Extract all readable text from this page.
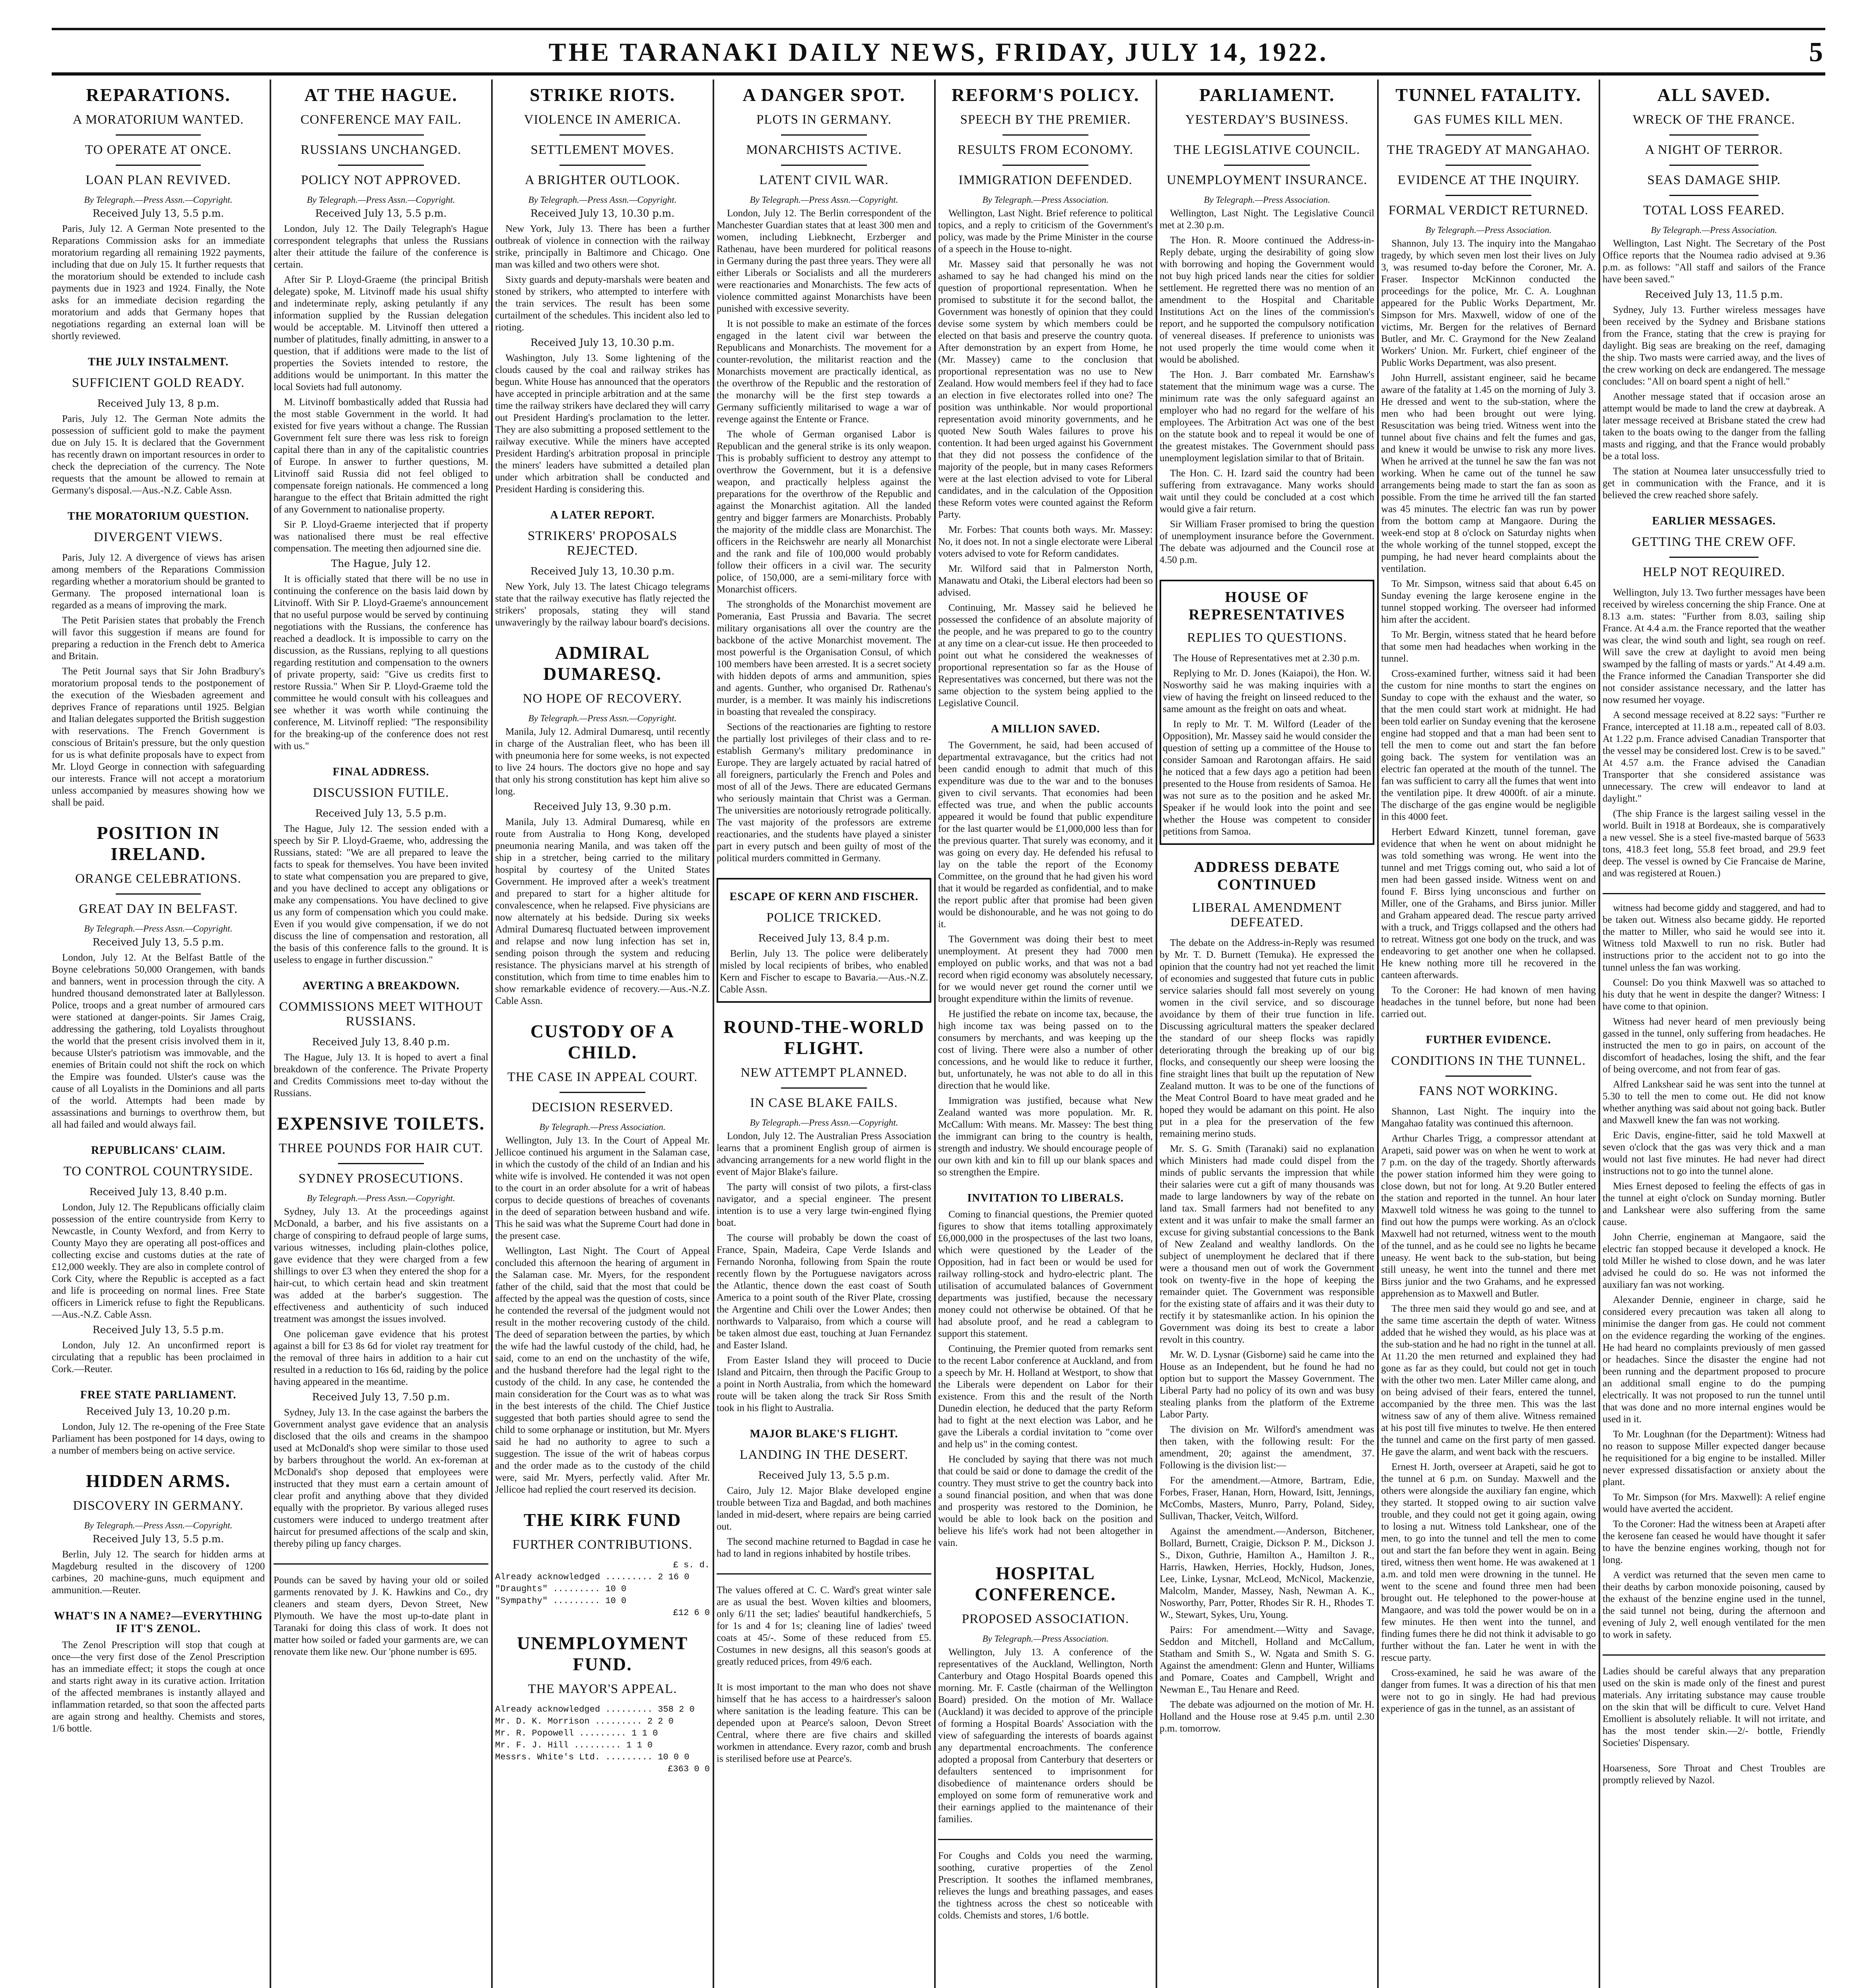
THE TARANAKI DAILY NEWS, FRIDAY, JULY 14, 1922.	5
REPARATIONS.
A MORATORIUM WANTED.
TO OPERATE AT ONCE.
LOAN PLAN REVIVED.
By Telegraph.—Press Assn.—Copyright.
Received July 13, 5.5 p.m.

Paris, July 12. A German Note presented to the Reparations Commission asks for an immediate moratorium regarding all remaining 1922 payments, including that due on July 15. It further requests that the moratorium should be extended to include cash payments due in 1923 and 1924. Finally, the Note asks for an immediate decision regarding the moratorium and adds that Germany hopes that negotiations regarding an external loan will be shortly reviewed.

THE JULY INSTALMENT.
SUFFICIENT GOLD READY.
Received July 13, 8 p.m.

Paris, July 12. The German Note admits the possession of sufficient gold to make the payment due on July 15. It is declared that the Government has recently drawn on important resources in order to check the depreciation of the currency. The Note requests that the amount be allowed to remain at Germany's disposal.—Aus.-N.Z. Cable Assn.

THE MORATORIUM QUESTION.
DIVERGENT VIEWS.

Paris, July 12. A divergence of views has arisen among members of the Reparations Commission regarding whether a moratorium should be granted to Germany. The proposed international loan is regarded as a means of improving the mark.

The Petit Parisien states that probably the French will favor this suggestion if means are found for preparing a reduction in the French debt to America and Britain.

The Petit Journal says that Sir John Bradbury's moratorium proposal tends to the postponement of the execution of the Wiesbaden agreement and deprives France of reparations until 1925. Belgian and Italian delegates supported the British suggestion with reservations. The French Government is conscious of Britain's pressure, but the only question for us is what definite proposals have to expect from Mr. Lloyd George in connection with safeguarding our interests. France will not accept a moratorium unless accompanied by measures showing how we shall be paid.

POSITION IN IRELAND.
ORANGE CELEBRATIONS.
GREAT DAY IN BELFAST.
By Telegraph.—Press Assn.—Copyright.
Received July 13, 5.5 p.m.

London, July 12. At the Belfast Battle of the Boyne celebrations 50,000 Orangemen, with bands and banners, went in procession through the city. A hundred thousand demonstrated later at Ballylesson. Police, troops and a great number of armoured cars were stationed at danger-points. Sir James Craig, addressing the gathering, told Loyalists throughout the world that the present crisis involved them in it, because Ulster's patriotism was immovable, and the enemies of Britain could not shift the rock on which the Empire was founded. Ulster's cause was the cause of all Loyalists in the Dominions and all parts of the world. Attempts had been made by assassinations and burnings to overthrow them, but all had failed and would always fail.

REPUBLICANS' CLAIM.
TO CONTROL COUNTRYSIDE.
Received July 13, 8.40 p.m.

London, July 12. The Republicans officially claim possession of the entire countryside from Kerry to Newcastle, in County Wexford, and from Kerry to County Mayo they are operating all post-offices and collecting excise and customs duties at the rate of £12,000 weekly. They are also in complete control of Cork City, where the Republic is accepted as a fact and life is proceeding on normal lines. Free State officers in Limerick refuse to fight the Republicans.—Aus.-N.Z. Cable Assn.

Received July 13, 5.5 p.m.

London, July 12. An unconfirmed report is circulating that a republic has been proclaimed in Cork.—Reuter.

FREE STATE PARLIAMENT.
Received July 13, 10.20 p.m.

London, July 12. The re-opening of the Free State Parliament has been postponed for 14 days, owing to a number of members being on active service.

HIDDEN ARMS.
DISCOVERY IN GERMANY.
By Telegraph.—Press Assn.—Copyright.
Received July 13, 5.5 p.m.

Berlin, July 12. The search for hidden arms at Magdeburg resulted in the discovery of 1200 carbines, 20 machine-guns, much equipment and ammunition.—Reuter.

WHAT'S IN A NAME?—EVERYTHING IF IT'S ZENOL.

The Zenol Prescription will stop that cough at once—the very first dose of the Zenol Prescription has an immediate effect; it stops the cough at once and starts right away in its curative action. Irritation of the affected membranes is instantly allayed and inflammation retarded, so that soon the affected parts are again strong and healthy. Chemists and stores, 1/6 bottle.

AT THE HAGUE.
CONFERENCE MAY FAIL.
RUSSIANS UNCHANGED.
POLICY NOT APPROVED.
By Telegraph.—Press Assn.—Copyright.
Received July 13, 5.5 p.m.

London, July 12. The Daily Telegraph's Hague correspondent telegraphs that unless the Russians alter their attitude the failure of the conference is certain.

After Sir P. Lloyd-Graeme (the principal British delegate) spoke, M. Litvinoff made his usual shifty and indeterminate reply, asking petulantly if any information supplied by the Russian delegation would be acceptable. M. Litvinoff then uttered a number of platitudes, finally admitting, in answer to a question, that if additions were made to the list of properties the Soviets intended to restore, the additions would be unimportant. In this matter the local Soviets had full autonomy.

M. Litvinoff bombastically added that Russia had the most stable Government in the world. It had existed for five years without a change. The Russian Government felt sure there was less risk to foreign capital there than in any of the capitalistic countries of Europe. In answer to further questions, M. Litvinoff said Russia did not feel obliged to compensate foreign nationals. He commenced a long harangue to the effect that Britain admitted the right of any Government to nationalise property.

Sir P. Lloyd-Graeme interjected that if property was nationalised there must be real effective compensation. The meeting then adjourned sine die.

The Hague, July 12.

It is officially stated that there will be no use in continuing the conference on the basis laid down by Litvinoff. With Sir P. Lloyd-Graeme's announcement that no useful purpose would be served by continuing negotiations with the Russians, the conference has reached a deadlock. It is impossible to carry on the discussion, as the Russians, replying to all questions regarding restitution and compensation to the owners of private property, said: "Give us credits first to restore Russia." When Sir P. Lloyd-Graeme told the committee he would consult with his colleagues and see whether it was worth while continuing the conference, M. Litvinoff replied: "The responsibility for the breaking-up of the conference does not rest with us."

FINAL ADDRESS.
DISCUSSION FUTILE.
Received July 13, 5.5 p.m.

The Hague, July 12. The session ended with a speech by Sir P. Lloyd-Graeme, who, addressing the Russians, stated: "We are all prepared to leave the facts to speak for themselves. You have been invited to state what compensation you are prepared to give, and you have declined to accept any obligations or make any compensations. You have declined to give us any form of compensation which you could make. Even if you would give compensation, if we do not discuss the line of compensation and restoration, all the basis of this conference falls to the ground. It is useless to engage in further discussion."

AVERTING A BREAKDOWN.
COMMISSIONS MEET WITHOUT RUSSIANS.
Received July 13, 8.40 p.m.

The Hague, July 13. It is hoped to avert a final breakdown of the conference. The Private Property and Credits Commissions meet to-day without the Russians.

EXPENSIVE TOILETS.
THREE POUNDS FOR HAIR CUT.
SYDNEY PROSECUTIONS.
By Telegraph.—Press Assn.—Copyright.

Sydney, July 13. At the proceedings against McDonald, a barber, and his five assistants on a charge of conspiring to defraud people of large sums, various witnesses, including plain-clothes police, gave evidence that they were charged from a few shillings to over £3 when they entered the shop for a hair-cut, to which certain head and skin treatment was added at the barber's suggestion. The effectiveness and authenticity of such induced treatment was amongst the issues involved.

One policeman gave evidence that his protest against a bill for £3 8s 6d for violet ray treatment for the removal of three hairs in addition to a hair cut resulted in a reduction to 16s 6d, raiding by the police having appeared in the meantime.

Received July 13, 7.50 p.m.

Sydney, July 13. In the case against the barbers the Government analyst gave evidence that an analysis disclosed that the oils and creams in the shampoo used at McDonald's shop were similar to those used by barbers throughout the world. An ex-foreman at McDonald's shop deposed that employees were instructed that they must earn a certain amount of clear profit and anything above that they divided equally with the proprietor. By various alleged ruses customers were induced to undergo treatment after haircut for presumed affections of the scalp and skin, thereby piling up fancy charges.

Pounds can be saved by having your old or soiled garments renovated by J. K. Hawkins and Co., dry cleaners and steam dyers, Devon Street, New Plymouth. We have the most up-to-date plant in Taranaki for doing this class of work. It does not matter how soiled or faded your garments are, we can renovate them like new. Our 'phone number is 695.

STRIKE RIOTS.
VIOLENCE IN AMERICA.
SETTLEMENT MOVES.
A BRIGHTER OUTLOOK.
By Telegraph.—Press Assn.—Copyright.
Received July 13, 10.30 p.m.

New York, July 13. There has been a further outbreak of violence in connection with the railway strike, principally in Baltimore and Chicago. One man was killed and two others were shot.

Sixty guards and deputy-marshals were beaten and stoned by strikers, who attempted to interfere with the train services. The result has been some curtailment of the schedules. This incident also led to rioting.

Received July 13, 10.30 p.m.

Washington, July 13. Some lightening of the clouds caused by the coal and railway strikes has begun. White House has announced that the operators have accepted in principle arbitration and at the same time the railway strikers have declared they will carry out President Harding's proclamation to the letter. They are also submitting a proposed settlement to the railway executive. While the miners have accepted President Harding's arbitration proposal in principle the miners' leaders have submitted a detailed plan under which arbitration shall be conducted and President Harding is considering this.

A LATER REPORT.
STRIKERS' PROPOSALS REJECTED.
Received July 13, 10.30 p.m.

New York, July 13. The latest Chicago telegrams state that the railway executive has flatly rejected the strikers' proposals, stating they will stand unwaveringly by the railway labour board's decisions.

ADMIRAL DUMARESQ.
NO HOPE OF RECOVERY.
By Telegraph.—Press Assn.—Copyright.

Manila, July 12. Admiral Dumaresq, until recently in charge of the Australian fleet, who has been ill with pneumonia here for some weeks, is not expected to live 24 hours. The doctors give no hope and say that only his strong constitution has kept him alive so long.

Received July 13, 9.30 p.m.

Manila, July 13. Admiral Dumaresq, while en route from Australia to Hong Kong, developed pneumonia nearing Manila, and was taken off the ship in a stretcher, being carried to the military hospital by courtesy of the United States Government. He improved after a week's treatment and prepared to start for a higher altitude for convalescence, when he relapsed. Five physicians are now alternately at his bedside. During six weeks Admiral Dumaresq fluctuated between improvement and relapse and now lung infection has set in, sending poison through the system and reducing resistance. The physicians marvel at his strength of constitution, which from time to time enables him to show remarkable evidence of recovery.—Aus.-N.Z. Cable Assn.

CUSTODY OF A CHILD.
THE CASE IN APPEAL COURT.
DECISION RESERVED.
By Telegraph.—Press Association.

Wellington, July 13. In the Court of Appeal Mr. Jellicoe continued his argument in the Salaman case, in which the custody of the child of an Indian and his white wife is involved. He contended it was not open to the court in an order absolute for a writ of habeas corpus to decide questions of breaches of covenants in the deed of separation between husband and wife. This he said was what the Supreme Court had done in the present case.

Wellington, Last Night. The Court of Appeal concluded this afternoon the hearing of argument in the Salaman case. Mr. Myers, for the respondent father of the child, said that the most that could be affected by the appeal was the question of costs, since he contended the reversal of the judgment would not result in the mother recovering custody of the child. The deed of separation between the parties, by which the wife had the lawful custody of the child, had, he said, come to an end on the unchastity of the wife, and the husband therefore had the legal right to the custody of the child. In any case, he contended the main consideration for the Court was as to what was in the best interests of the child. The Chief Justice suggested that both parties should agree to send the child to some orphanage or institution, but Mr. Myers said he had no authority to agree to such a suggestion. The issue of the writ of habeas corpus and the order made as to the custody of the child were, said Mr. Myers, perfectly valid. After Mr. Jellicoe had replied the court reserved its decision.

THE KIRK FUND
FURTHER CONTRIBUTIONS.
£ s. d.
Already acknowledged ......... 2 16 0
"Draughts" ......... 10 0
"Sympathy" ......... 10 0
£12 6 0
UNEMPLOYMENT FUND.
THE MAYOR'S APPEAL.
Already acknowledged ......... 358 2 0
Mr. D. K. Morrison ......... 2 2 0
Mr. R. Popowell ......... 1 1 0
Mr. F. J. Hill ......... 1 1 0
Messrs. White's Ltd. ......... 10 0 0
£363 0 0
A DANGER SPOT.
PLOTS IN GERMANY.
MONARCHISTS ACTIVE.
LATENT CIVIL WAR.
By Telegraph.—Press Assn.—Copyright.

London, July 12. The Berlin correspondent of the Manchester Guardian states that at least 300 men and women, including Liebknecht, Erzberger and Rathenau, have been murdered for political reasons in Germany during the past three years. They were all either Liberals or Socialists and all the murderers were reactionaries and Monarchists. The few acts of violence committed against Monarchists have been punished with excessive severity.

It is not possible to make an estimate of the forces engaged in the latent civil war between the Republicans and Monarchists. The movement for a counter-revolution, the militarist reaction and the Monarchists movement are practically identical, as the overthrow of the Republic and the restoration of the monarchy will be the first step towards a Germany sufficiently militarised to wage a war of revenge against the Entente or France.

The whole of German organised Labor is Republican and the general strike is its only weapon. This is probably sufficient to destroy any attempt to overthrow the Government, but it is a defensive weapon, and practically helpless against the preparations for the overthrow of the Republic and against the Monarchist agitation. All the landed gentry and bigger farmers are Monarchists. Probably the majority of the middle class are Monarchist. The officers in the Reichswehr are nearly all Monarchist and the rank and file of 100,000 would probably follow their officers in a civil war. The security police, of 150,000, are a semi-military force with Monarchist officers.

The strongholds of the Monarchist movement are Pomerania, East Prussia and Bavaria. The secret military organisations all over the country are the backbone of the active Monarchist movement. The most powerful is the Organisation Consul, of which 100 members have been arrested. It is a secret society with hidden depots of arms and ammunition, spies and agents. Gunther, who organised Dr. Rathenau's murder, is a member. It was mainly his indiscretions in boasting that revealed the conspiracy.

Sections of the reactionaries are fighting to restore the partially lost privileges of their class and to re-establish Germany's military predominance in Europe. They are largely actuated by racial hatred of all foreigners, particularly the French and Poles and most of all of the Jews. There are educated Germans who seriously maintain that Christ was a German. The universities are notoriously retrograde politically. The vast majority of the professors are extreme reactionaries, and the students have played a sinister part in every putsch and been guilty of most of the political murders committed in Germany.

ESCAPE OF KERN AND FISCHER.
POLICE TRICKED.
Received July 13, 8.4 p.m.

Berlin, July 13. The police were deliberately misled by local recipients of bribes, who enabled Kern and Fischer to escape to Bavaria.—Aus.-N.Z. Cable Assn.

ROUND-THE-WORLD FLIGHT.
NEW ATTEMPT PLANNED.
IN CASE BLAKE FAILS.
By Telegraph.—Press Assn.—Copyright.

London, July 12. The Australian Press Association learns that a prominent English group of airmen is advancing arrangements for a new world flight in the event of Major Blake's failure.

The party will consist of two pilots, a first-class navigator, and a special engineer. The present intention is to use a very large twin-engined flying boat.

The course will probably be down the coast of France, Spain, Madeira, Cape Verde Islands and Fernando Noronha, following from Spain the route recently flown by the Portuguese navigators across the Atlantic, thence down the east coast of South America to a point south of the River Plate, crossing the Argentine and Chili over the Lower Andes; then northwards to Valparaiso, from which a course will be taken almost due east, touching at Juan Fernandez and Easter Island.

From Easter Island they will proceed to Ducie Island and Pitcairn, then through the Pacific Group to a point in North Australia, from which the homeward route will be taken along the track Sir Ross Smith took in his flight to Australia.

MAJOR BLAKE'S FLIGHT.
LANDING IN THE DESERT.
Received July 13, 5.5 p.m.

Cairo, July 12. Major Blake developed engine trouble between Tiza and Bagdad, and both machines landed in mid-desert, where repairs are being carried out.

The second machine returned to Bagdad in case he had to land in regions inhabited by hostile tribes.

The values offered at C. C. Ward's great winter sale are as usual the best. Woven kilties and bloomers, only 6/11 the set; ladies' beautiful handkerchiefs, 5 for 1s and 4 for 1s; cleaning line of ladies' tweed coats at 45/-. Some of these reduced from £5. Costumes in new designs, all this season's goods at greatly reduced prices, from 49/6 each.

It is most important to the man who does not shave himself that he has access to a hairdresser's saloon where sanitation is the leading feature. This can be depended upon at Pearce's saloon, Devon Street Central, where there are five chairs and skilled workmen in attendance. Every razor, comb and brush is sterilised before use at Pearce's.

REFORM'S POLICY.
SPEECH BY THE PREMIER.
RESULTS FROM ECONOMY.
IMMIGRATION DEFENDED.
By Telegraph.—Press Association.

Wellington, Last Night. Brief reference to political topics, and a reply to criticism of the Government's policy, was made by the Prime Minister in the course of a speech in the House to-night.

Mr. Massey said that personally he was not ashamed to say he had changed his mind on the question of proportional representation. When he promised to substitute it for the second ballot, the Government was honestly of opinion that they could devise some system by which members could be elected on that basis and preserve the country quota. After demonstration by an expert from Home, he (Mr. Massey) came to the conclusion that proportional representation was no use to New Zealand. How would members feel if they had to face an election in five electorates rolled into one? The position was unthinkable. Nor would proportional representation avoid minority governments, and he quoted New South Wales failures to prove his contention. It had been urged against his Government that they did not possess the confidence of the majority of the people, but in many cases Reformers were at the last election advised to vote for Liberal candidates, and in the calculation of the Opposition these Reform votes were counted against the Reform Party.

Mr. Forbes: That counts both ways. Mr. Massey: No, it does not. In not a single electorate were Liberal voters advised to vote for Reform candidates.

Mr. Wilford said that in Palmerston North, Manawatu and Otaki, the Liberal electors had been so advised.

Continuing, Mr. Massey said he believed he possessed the confidence of an absolute majority of the people, and he was prepared to go to the country at any time on a clear-cut issue. He then proceeded to point out what he considered the weaknesses of proportional representation so far as the House of Representatives was concerned, but there was not the same objection to the system being applied to the Legislative Council.

A MILLION SAVED.

The Government, he said, had been accused of departmental extravagance, but the critics had not been candid enough to admit that much of this expenditure was due to the war and to the bonuses given to civil servants. That economies had been effected was true, and when the public accounts appeared it would be found that public expenditure for the last quarter would be £1,000,000 less than for the previous quarter. That surely was economy, and it was going on every day. He defended his refusal to lay on the table the report of the Economy Committee, on the ground that he had given his word that it would be regarded as confidential, and to make the report public after that promise had been given would be dishonourable, and he was not going to do it.

The Government was doing their best to meet unemployment. At present they had 7000 men employed on public works, and that was not a bad record when rigid economy was absolutely necessary, for we would never get round the corner until we brought expenditure within the limits of revenue.

He justified the rebate on income tax, because, the high income tax was being passed on to the consumers by merchants, and was keeping up the cost of living. There were also a number of other concessions, and he would like to reduce it further, but, unfortunately, he was not able to do all in this direction that he would like.

Immigration was justified, because what New Zealand wanted was more population. Mr. R. McCallum: With means. Mr. Massey: The best thing the immigrant can bring to the country is health, strength and industry. We should encourage people of our own kith and kin to fill up our blank spaces and so strengthen the Empire.

INVITATION TO LIBERALS.

Coming to financial questions, the Premier quoted figures to show that items totalling approximately £6,000,000 in the prospectuses of the last two loans, which were questioned by the Leader of the Opposition, had in fact been or would be used for railway rolling-stock and hydro-electric plant. The utilisation of accumulated balances of Government departments was justified, because the necessary money could not otherwise be obtained. Of that he had absolute proof, and he read a cablegram to support this statement.

Continuing, the Premier quoted from remarks sent to the recent Labor conference at Auckland, and from a speech by Mr. H. Holland at Westport, to show that the Liberals were dependent on Labor for their existence. From this and the result of the North Dunedin election, he deduced that the party Reform had to fight at the next election was Labor, and he gave the Liberals a cordial invitation to "come over and help us" in the coming contest.

He concluded by saying that there was not much that could be said or done to damage the credit of the country. They must strive to get the country back into a sound financial position, and when that was done and prosperity was restored to the Dominion, he would be able to look back on the position and believe his life's work had not been altogether in vain.

HOSPITAL CONFERENCE.
PROPOSED ASSOCIATION.
By Telegraph.—Press Association.

Wellington, July 13. A conference of the representatives of the Auckland, Wellington, North Canterbury and Otago Hospital Boards opened this morning. Mr. F. Castle (chairman of the Wellington Board) presided. On the motion of Mr. Wallace (Auckland) it was decided to approve of the principle of forming a Hospital Boards' Association with the view of safeguarding the interests of boards against any departmental encroachments. The conference adopted a proposal from Canterbury that deserters or defaulters sentenced to imprisonment for disobedience of maintenance orders should be employed on some form of remunerative work and their earnings applied to the maintenance of their families.

For Coughs and Colds you need the warming, soothing, curative properties of the Zenol Prescription. It soothes the inflamed membranes, relieves the lungs and breathing passages, and eases the tightness across the chest so noticeable with colds. Chemists and stores, 1/6 bottle.

PARLIAMENT.
YESTERDAY'S BUSINESS.
THE LEGISLATIVE COUNCIL.
UNEMPLOYMENT INSURANCE.
By Telegraph.—Press Association.

Wellington, Last Night. The Legislative Council met at 2.30 p.m.

The Hon. R. Moore continued the Address-in-Reply debate, urging the desirability of going slow with borrowing and hoping the Government would not buy high priced lands near the cities for soldier settlement. He regretted there was no mention of an amendment to the Hospital and Charitable Institutions Act on the lines of the commission's report, and he supported the compulsory notification of venereal diseases. If preference to unionists was not used properly the time would come when it would be abolished.

The Hon. J. Barr combated Mr. Earnshaw's statement that the minimum wage was a curse. The minimum rate was the only safeguard against an employer who had no regard for the welfare of his employees. The Arbitration Act was one of the best on the statute book and to repeal it would be one of the greatest mistakes. The Government should pass unemployment legislation similar to that of Britain.

The Hon. C. H. Izard said the country had been suffering from extravagance. Many works should wait until they could be concluded at a cost which would give a fair return.

Sir William Fraser promised to bring the question of unemployment insurance before the Government. The debate was adjourned and the Council rose at 4.50 p.m.

HOUSE OF REPRESENTATIVES
REPLIES TO QUESTIONS.

The House of Representatives met at 2.30 p.m.

Replying to Mr. D. Jones (Kaiapoi), the Hon. W. Nosworthy said he was making inquiries with a view of having the freight on linseed reduced to the same amount as the freight on oats and wheat.

In reply to Mr. T. M. Wilford (Leader of the Opposition), Mr. Massey said he would consider the question of setting up a committee of the House to consider Samoan and Rarotongan affairs. He said he noticed that a few days ago a petition had been presented to the House from residents of Samoa. He was not sure as to the position and he asked Mr. Speaker if he would look into the point and see whether the House was competent to consider petitions from Samoa.

ADDRESS DEBATE CONTINUED
LIBERAL AMENDMENT DEFEATED.

The debate on the Address-in-Reply was resumed by Mr. T. D. Burnett (Temuka). He expressed the opinion that the country had not yet reached the limit of economies and suggested that future cuts in public service salaries should fall most severely on young women in the civil service, and so discourage avoidance by them of their true function in life. Discussing agricultural matters the speaker declared the standard of our sheep flocks was rapidly deteriorating through the breaking up of our big flocks, and consequently our sheep were loosing the fine straight lines that built up the reputation of New Zealand mutton. It was to be one of the functions of the Meat Control Board to have meat graded and he hoped they would be adamant on this point. He also put in a plea for the preservation of the few remaining merino studs.

Mr. S. G. Smith (Taranaki) said no explanation which Ministers had made could dispel from the minds of public servants the impression that while their salaries were cut a gift of many thousands was made to large landowners by way of the rebate on land tax. Small farmers had not benefited to any extent and it was unfair to make the small farmer an excuse for giving substantial concessions to the Bank of New Zealand and wealthy landlords. On the subject of unemployment he declared that if there were a thousand men out of work the Government took on twenty-five in the hope of keeping the remainder quiet. The Government was responsible for the existing state of affairs and it was their duty to rectify it by statesmanlike action. In his opinion the Government was doing its best to create a labor revolt in this country.

Mr. W. D. Lysnar (Gisborne) said he came into the House as an Independent, but he found he had no option but to support the Massey Government. The Liberal Party had no policy of its own and was busy stealing planks from the platform of the Extreme Labor Party.

The division on Mr. Wilford's amendment was then taken, with the following result: For the amendment, 20; against the amendment, 37. Following is the division list:—

For the amendment.—Atmore, Bartram, Edie, Forbes, Fraser, Hanan, Horn, Howard, Isitt, Jennings, McCombs, Masters, Munro, Parry, Poland, Sidey, Sullivan, Thacker, Veitch, Wilford.

Against the amendment.—Anderson, Bitchener, Bollard, Burnett, Craigie, Dickson P. M., Dickson J. S., Dixon, Guthrie, Hamilton A., Hamilton J. R., Harris, Hawken, Herries, Hockly, Hudson, Jones, Lee, Linke, Lysnar, McLeod, McNicol, Mackenzie, Malcolm, Mander, Massey, Nash, Newman A. K., Nosworthy, Parr, Potter, Rhodes Sir R. H., Rhodes T. W., Stewart, Sykes, Uru, Young.

Pairs: For amendment.—Witty and Savage, Seddon and Mitchell, Holland and McCallum, Statham and Smith S., W. Ngata and Smith S. G. Against the amendment: Glenn and Hunter, Williams and Pomare, Coates and Campbell, Wright and Newman E., Tau Henare and Reed.

The debate was adjourned on the motion of Mr. H. Holland and the House rose at 9.45 p.m. until 2.30 p.m. tomorrow.

TUNNEL FATALITY.
GAS FUMES KILL MEN.
THE TRAGEDY AT MANGAHAO.
EVIDENCE AT THE INQUIRY.
FORMAL VERDICT RETURNED.
By Telegraph.—Press Association.

Shannon, July 13. The inquiry into the Mangahao tragedy, by which seven men lost their lives on July 3, was resumed to-day before the Coroner, Mr. A. Fraser. Inspector McKinnon conducted the proceedings for the police, Mr. C. A. Loughnan appeared for the Public Works Department, Mr. Simpson for Mrs. Maxwell, widow of one of the victims, Mr. Bergen for the relatives of Bernard Butler, and Mr. C. Graymond for the New Zealand Workers' Union. Mr. Furkert, chief engineer of the Public Works Department, was also present.

John Hurrell, assistant engineer, said he became aware of the fatality at 1.45 on the morning of July 3. He dressed and went to the sub-station, where the men who had been brought out were lying. Resuscitation was being tried. Witness went into the tunnel about five chains and felt the fumes and gas, and knew it would be unwise to risk any more lives. When he arrived at the tunnel he saw the fan was not working. When he came out of the tunnel he saw arrangements being made to start the fan as soon as possible. From the time he arrived till the fan started was 45 minutes. The electric fan was run by power from the bottom camp at Mangaore. During the week-end stop at 8 o'clock on Saturday nights when the whole working of the tunnel stopped, except the pumping, he had never heard complaints about the ventilation.

To Mr. Simpson, witness said that about 6.45 on Sunday evening the large kerosene engine in the tunnel stopped working. The overseer had informed him after the accident.

To Mr. Bergin, witness stated that he heard before that some men had headaches when working in the tunnel.

Cross-examined further, witness said it had been the custom for nine months to start the engines on Sunday to cope with the exhaust and the water, so that the men could start work at midnight. He had been told earlier on Sunday evening that the kerosene engine had stopped and that a man had been sent to tell the men to come out and start the fan before going back. The system for ventilation was an electric fan operated at the mouth of the tunnel. The fan was sufficient to carry all the fumes that went into the ventilation pipe. It drew 4000ft. of air a minute. The discharge of the gas engine would be negligible in this 4000 feet.

Herbert Edward Kinzett, tunnel foreman, gave evidence that when he went on about midnight he was told something was wrong. He went into the tunnel and met Triggs coming out, who said a lot of men had been gassed inside. Witness went on and found F. Birss lying unconscious and further on Miller, one of the Grahams, and Birss junior. Miller and Graham appeared dead. The rescue party arrived with a truck, and Triggs collapsed and the others had to retreat. Witness got one body on the truck, and was endeavoring to get another one when he collapsed. He knew nothing more till he recovered in the canteen afterwards.

To the Coroner: He had known of men having headaches in the tunnel before, but none had been carried out.

FURTHER EVIDENCE.
CONDITIONS IN THE TUNNEL.
FANS NOT WORKING.

Shannon, Last Night. The inquiry into the Mangahao fatality was continued this afternoon.

Arthur Charles Trigg, a compressor attendant at Arapeti, said power was on when he went to work at 7 p.m. on the day of the tragedy. Shortly afterwards the power station informed him they were going to close down, but not for long. At 9.20 Butler entered the station and reported in the tunnel. An hour later Maxwell told witness he was going to the tunnel to find out how the pumps were working. As an o'clock Maxwell had not returned, witness went to the mouth of the tunnel, and as he could see no lights he became uneasy. He went back to the sub-station, but being still uneasy, he went into the tunnel and there met Birss junior and the two Grahams, and he expressed apprehension as to Maxwell and Butler.

The three men said they would go and see, and at the same time ascertain the depth of water. Witness added that he wished they would, as his place was at the sub-station and he had no right in the tunnel at all. At 11.20 the men returned and explained they had gone as far as they could, but could not get in touch with the other two men. Later Miller came along, and on being advised of their fears, entered the tunnel, accompanied by the three men. This was the last witness saw of any of them alive. Witness remained at his post till five minutes to twelve. He then entered the tunnel and came on the first party of men gassed. He gave the alarm, and went back with the rescuers.

Ernest H. Jorth, overseer at Arapeti, said he got to the tunnel at 6 p.m. on Sunday. Maxwell and the others were alongside the auxiliary fan engine, which they started. It stopped owing to air suction valve trouble, and they could not get it going again, owing to losing a nut. Witness told Lankshear, one of the men, to go into the tunnel and tell the men to come out and start the fan before they went in again. Being tired, witness then went home. He was awakened at 1 a.m. and told men were drowning in the tunnel. He went to the scene and found three men had been brought out. He telephoned to the power-house at Mangaore, and was told the power would be on in a few minutes. He then went into the tunnel, and finding fumes there he did not think it advisable to go further without the fan. Later he went in with the rescue party.

Cross-examined, he said he was aware of the danger from fumes. It was a direction of his that men were not to go in singly. He had had previous experience of gas in the tunnel, as an assistant of

ALL SAVED.
WRECK OF THE FRANCE.
A NIGHT OF TERROR.
SEAS DAMAGE SHIP.
TOTAL LOSS FEARED.
By Telegraph.—Press Association.

Wellington, Last Night. The Secretary of the Post Office reports that the Noumea radio advised at 9.36 p.m. as follows: "All staff and sailors of the France have been saved."

Received July 13, 11.5 p.m.

Sydney, July 13. Further wireless messages have been received by the Sydney and Brisbane stations from the France, stating that the crew is praying for daylight. Big seas are breaking on the reef, damaging the ship. Two masts were carried away, and the lives of the crew working on deck are endangered. The message concludes: "All on board spent a night of hell."

Another message stated that if occasion arose an attempt would be made to land the crew at daybreak. A later message received at Brisbane stated the crew had taken to the boats owing to the danger from the falling masts and rigging, and that the France would probably be a total loss.

The station at Noumea later unsuccessfully tried to get in communication with the France, and it is believed the crew reached shore safely.

EARLIER MESSAGES.
GETTING THE CREW OFF.
HELP NOT REQUIRED.

Wellington, July 13. Two further messages have been received by wireless concerning the ship France. One at 8.13 a.m. states: "Further from 8.03, sailing ship France. At 4.4 a.m. the France reported that the weather was clear, the wind south and light, sea rough on reef. Will save the crew at daylight to avoid men being swamped by the falling of masts or yards." At 4.49 a.m. the France informed the Canadian Transporter she did not consider assistance necessary, and the latter has now resumed her voyage.

A second message received at 8.22 says: "Further re France, intercepted at 11.18 a.m., repeated call of 8.03. At 1.22 p.m. France advised Canadian Transporter that the vessel may be considered lost. Crew is to be saved." At 4.57 a.m. the France advised the Canadian Transporter that she considered assistance was unnecessary. The crew will endeavor to land at daylight."

(The ship France is the largest sailing vessel in the world. Built in 1918 at Bordeaux, she is comparatively a new vessel. She is a steel five-masted barque of 5633 tons, 418.3 feet long, 55.8 feet broad, and 29.9 feet deep. The vessel is owned by Cie Francaise de Marine, and was registered at Rouen.)

witness had become giddy and staggered, and had to be taken out. Witness also became giddy. He reported the matter to Miller, who said he would see into it. Witness told Maxwell to run no risk. Butler had instructions prior to the accident not to go into the tunnel unless the fan was working.

Counsel: Do you think Maxwell was so attached to his duty that he went in despite the danger? Witness: I have come to that opinion.

Witness had never heard of men previously being gassed in the tunnel, only suffering from headaches. He instructed the men to go in pairs, on account of the discomfort of headaches, losing the shift, and the fear of being overcome, and not from fear of gas.

Alfred Lankshear said he was sent into the tunnel at 5.30 to tell the men to come out. He did not know whether anything was said about not going back. Butler and Maxwell knew the fan was not working.

Eric Davis, engine-fitter, said he told Maxwell at seven o'clock that the gas was very thick and a man would not last five minutes. He had never had direct instructions not to go into the tunnel alone.

Mies Ernest deposed to feeling the effects of gas in the tunnel at eight o'clock on Sunday morning. Butler and Lankshear were also suffering from the same cause.

John Cherrie, engineman at Mangaore, said the electric fan stopped because it developed a knock. He told Miller he wished to close down, and he was later advised he could do so. He was not informed the auxiliary fan was not working.

Alexander Dennie, engineer in charge, said he considered every precaution was taken all along to minimise the danger from gas. He could not comment on the evidence regarding the working of the engines. He had heard no complaints previously of men gassed or headaches. Since the disaster the engine had not been running and the department proposed to procure an additional small engine to do the pumping electrically. It was not proposed to run the tunnel until that was done and no more internal engines would be used in it.

To Mr. Loughnan (for the Department): Witness had no reason to suppose Miller expected danger because he requisitioned for a big engine to be installed. Miller never expressed dissatisfaction or anxiety about the plant.

To Mr. Simpson (for Mrs. Maxwell): A relief engine would have averted the accident.

To the Coroner: Had the witness been at Arapeti after the kerosene fan ceased he would have thought it safer to have the benzine engines working, though not for long.

A verdict was returned that the seven men came to their deaths by carbon monoxide poisoning, caused by the exhaust of the benzine engine used in the tunnel, the said tunnel not being, during the afternoon and evening of July 2, well enough ventilated for the men to work in safety.

Ladies should be careful always that any preparation used on the skin is made only of the finest and purest materials. Any irritating substance may cause trouble on the skin that will be difficult to cure. Velvet Hand Emollient is absolutely reliable. It will not irritate, and has the most tender skin.—2/- bottle, Friendly Societies' Dispensary.

Hoarseness, Sore Throat and Chest Troubles are promptly relieved by Nazol.
